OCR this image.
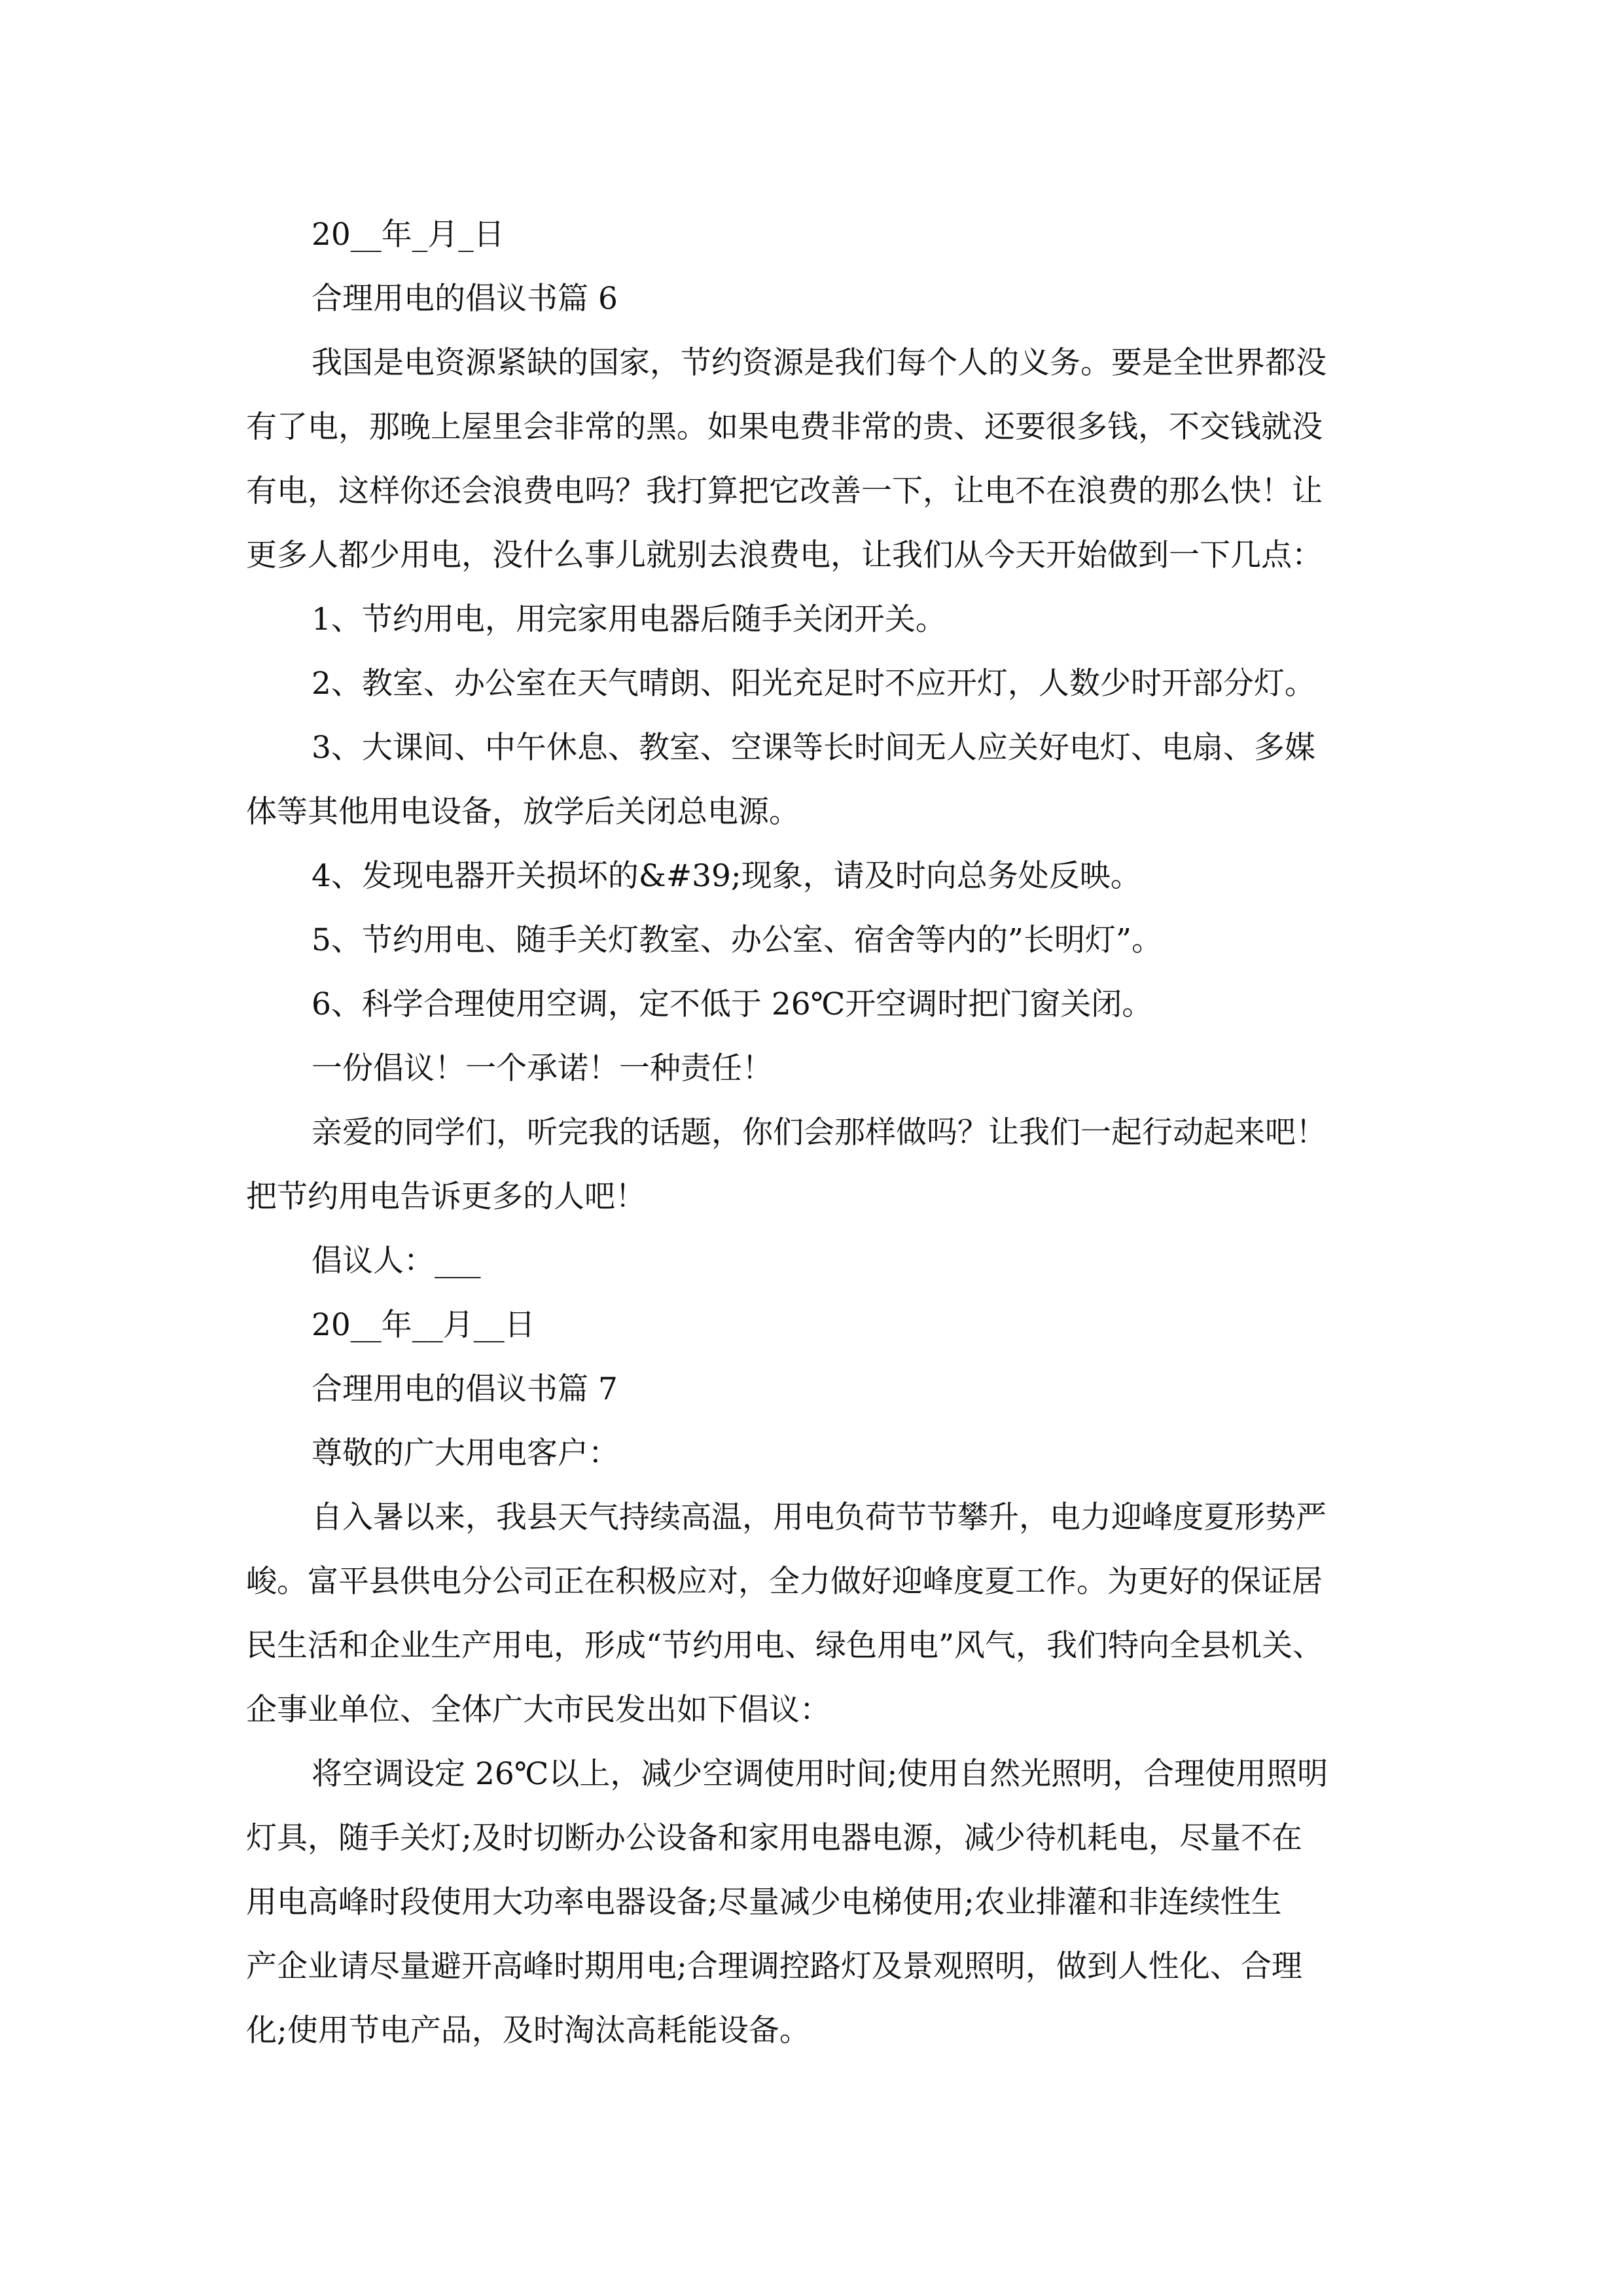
20__年_月_日

合理用电的倡议书篇 6

我国是电资源紧缺的国家，节约资源是我们每个人的义务。要是全世界都没
有了电，那晚上屋里会非常的黑。如果电费非常的贵、还要很多钱，不交钱就没
有电，这样你还会浪费电吗？我打算把它改善一下，让电不在浪费的那么快！让
更多人都少用电，没什么事儿就别去浪费电，让我们从今天开始做到一下几点：

1、节约用电，用完家用电器后随手关闭开关。

2、教室、办公室在天气晴朗、阳光充足时不应开灯，人数少时开部分灯。

3、大课间、中午休息、教室、空课等长时间无人应关好电灯、电扇、多媒
体等其他用电设备，放学后关闭总电源。

4、发现电器开关损坏的&#39;现象，请及时向总务处反映。

5、节约用电、随手关灯教室、办公室、宿舍等内的”长明灯”。

6、科学合理使用空调，定不低于 26℃开空调时把门窗关闭。

一份倡议！一个承诺！一种责任！

亲爱的同学们，听完我的话题，你们会那样做吗？让我们一起行动起来吧！
把节约用电告诉更多的人吧！

倡议人：___

20__年__月__日

合理用电的倡议书篇 7

尊敬的广大用电客户：

自入暑以来，我县天气持续高温，用电负荷节节攀升，电力迎峰度夏形势严
峻。富平县供电分公司正在积极应对，全力做好迎峰度夏工作。为更好的保证居
民生活和企业生产用电，形成“节约用电、绿色用电”风气，我们特向全县机关、
企事业单位、全体广大市民发出如下倡议：
将空调设定 26℃以上，减少空调使用时间;使用自然光照明，合理使用照明
灯具，随手关灯;及时切断办公设备和家用电器电源，减少待机耗电，尽量不在
用电高峰时段使用大功率电器设备;尽量减少电梯使用;农业排灌和非连续性生
产企业请尽量避开高峰时期用电;合理调控路灯及景观照明，做到人性化、合理
化;使用节电产品，及时淘汰高耗能设备。
